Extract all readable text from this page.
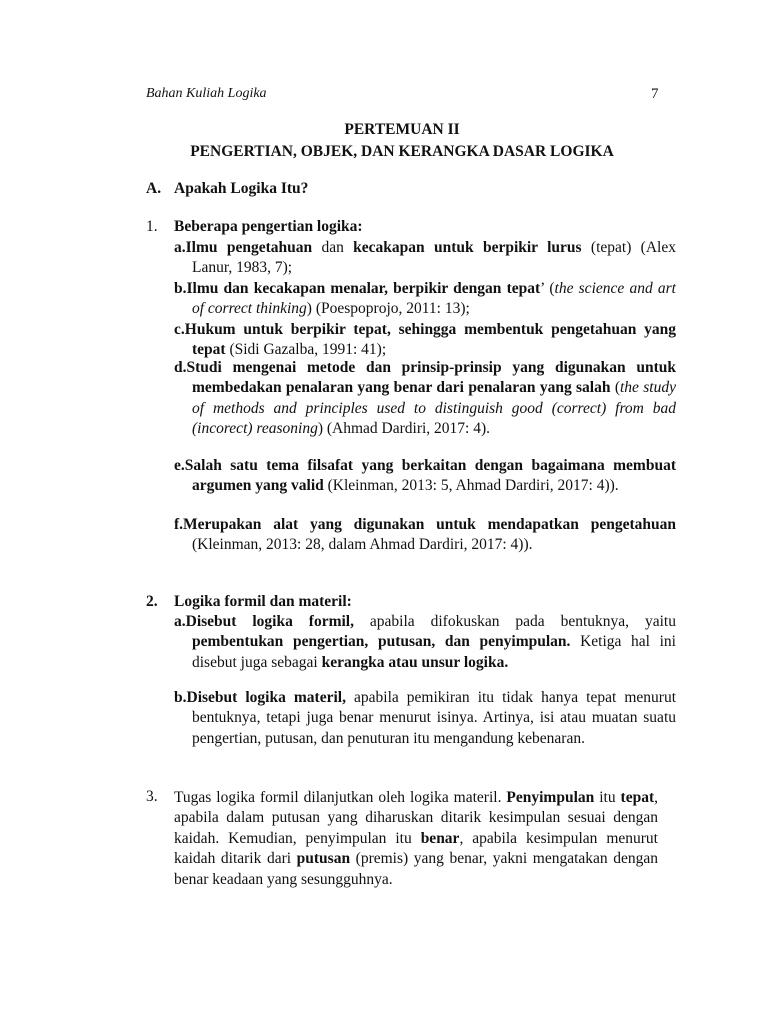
Bahan Kuliah Logika	7
PERTEMUAN II
PENGERTIAN, OBJEK, DAN KERANGKA DASAR LOGIKA
A. Apakah Logika Itu?
1. Beberapa pengertian logika:

a.Ilmu pengetahuan dan kecakapan untuk berpikir lurus (tepat) (Alex Lanur, 1983, 7);

b.Ilmu dan kecakapan menalar, berpikir dengan tepat’ (the science and art of correct thinking) (Poespoprojo, 2011: 13);

c.Hukum untuk berpikir tepat, sehingga membentuk pengetahuan yang tepat (Sidi Gazalba, 1991: 41);

d.Studi mengenai metode dan prinsip-prinsip yang digunakan untuk membedakan penalaran yang benar dari penalaran yang salah (the study of methods and principles used to distinguish good (correct) from bad (incorect) reasoning) (Ahmad Dardiri, 2017: 4).

e.Salah satu tema filsafat yang berkaitan dengan bagaimana membuat argumen yang valid (Kleinman, 2013: 5, Ahmad Dardiri, 2017: 4)).

f.Merupakan alat yang digunakan untuk mendapatkan pengetahuan (Kleinman, 2013: 28, dalam Ahmad Dardiri, 2017: 4)).

2. Logika formil dan materil:

a.Disebut logika formil, apabila difokuskan pada bentuknya, yaitu pembentukan pengertian, putusan, dan penyimpulan. Ketiga hal ini disebut juga sebagai kerangka atau unsur logika.

b.Disebut logika materil, apabila pemikiran itu tidak hanya tepat menurut bentuknya, tetapi juga benar menurut isinya. Artinya, isi atau muatan suatu pengertian, putusan, dan penuturan itu mengandung kebenaran.

3. Tugas logika formil dilanjutkan oleh logika materil. Penyimpulan itu tepat, apabila dalam putusan yang diharuskan ditarik kesimpulan sesuai dengan kaidah. Kemudian, penyimpulan itu benar, apabila kesimpulan menurut kaidah ditarik dari putusan (premis) yang benar, yakni mengatakan dengan benar keadaan yang sesungguhnya.
